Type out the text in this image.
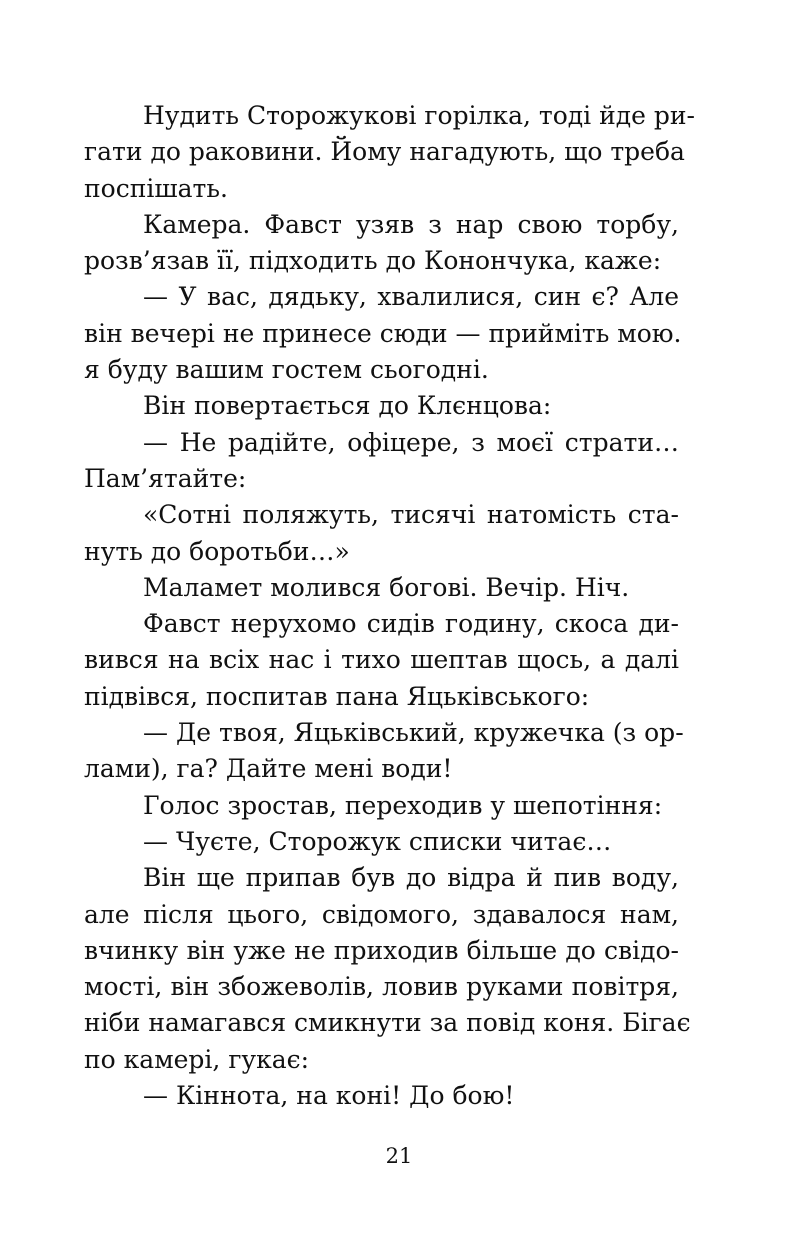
Нудить Сторожукові горілка, тоді йде ри-
гати до раковини. Йому нагадують, що треба
поспішать.
Камера. Фавст узяв з нар свою торбу,
розв’язав її, підходить до Конончука, каже:
— У вас, дядьку, хвалилися, син є? Але
він вечері не принесе сюди — прийміть мою.
я буду вашим гостем сьогодні.
Він повертається до Клєнцова:
— Не радійте, офіцере, з моєї страти…
Пам’ятайте:
«Сотні поляжуть, тисячі натомість ста-
нуть до боротьби…»
Маламет молився богові. Вечір. Ніч.
Фавст нерухомо сидів годину, скоса ди-
вився на всіх нас і тихо шептав щось, а далі
підвівся, поспитав пана Яцьківського:
— Де твоя, Яцьківський, кружечка (з ор-
лами), га? Дайте мені води!
Голос зростав, переходив у шепотіння:
— Чуєте, Сторожук списки читає…
Він ще припав був до відра й пив воду,
але після цього, свідомого, здавалося нам,
вчинку він уже не приходив більше до свідо-
мості, він збожеволів, ловив руками повітря,
ніби намагався смикнути за повід коня. Бігає
по камері, гукає:
— Кіннота, на коні! До бою!
21
